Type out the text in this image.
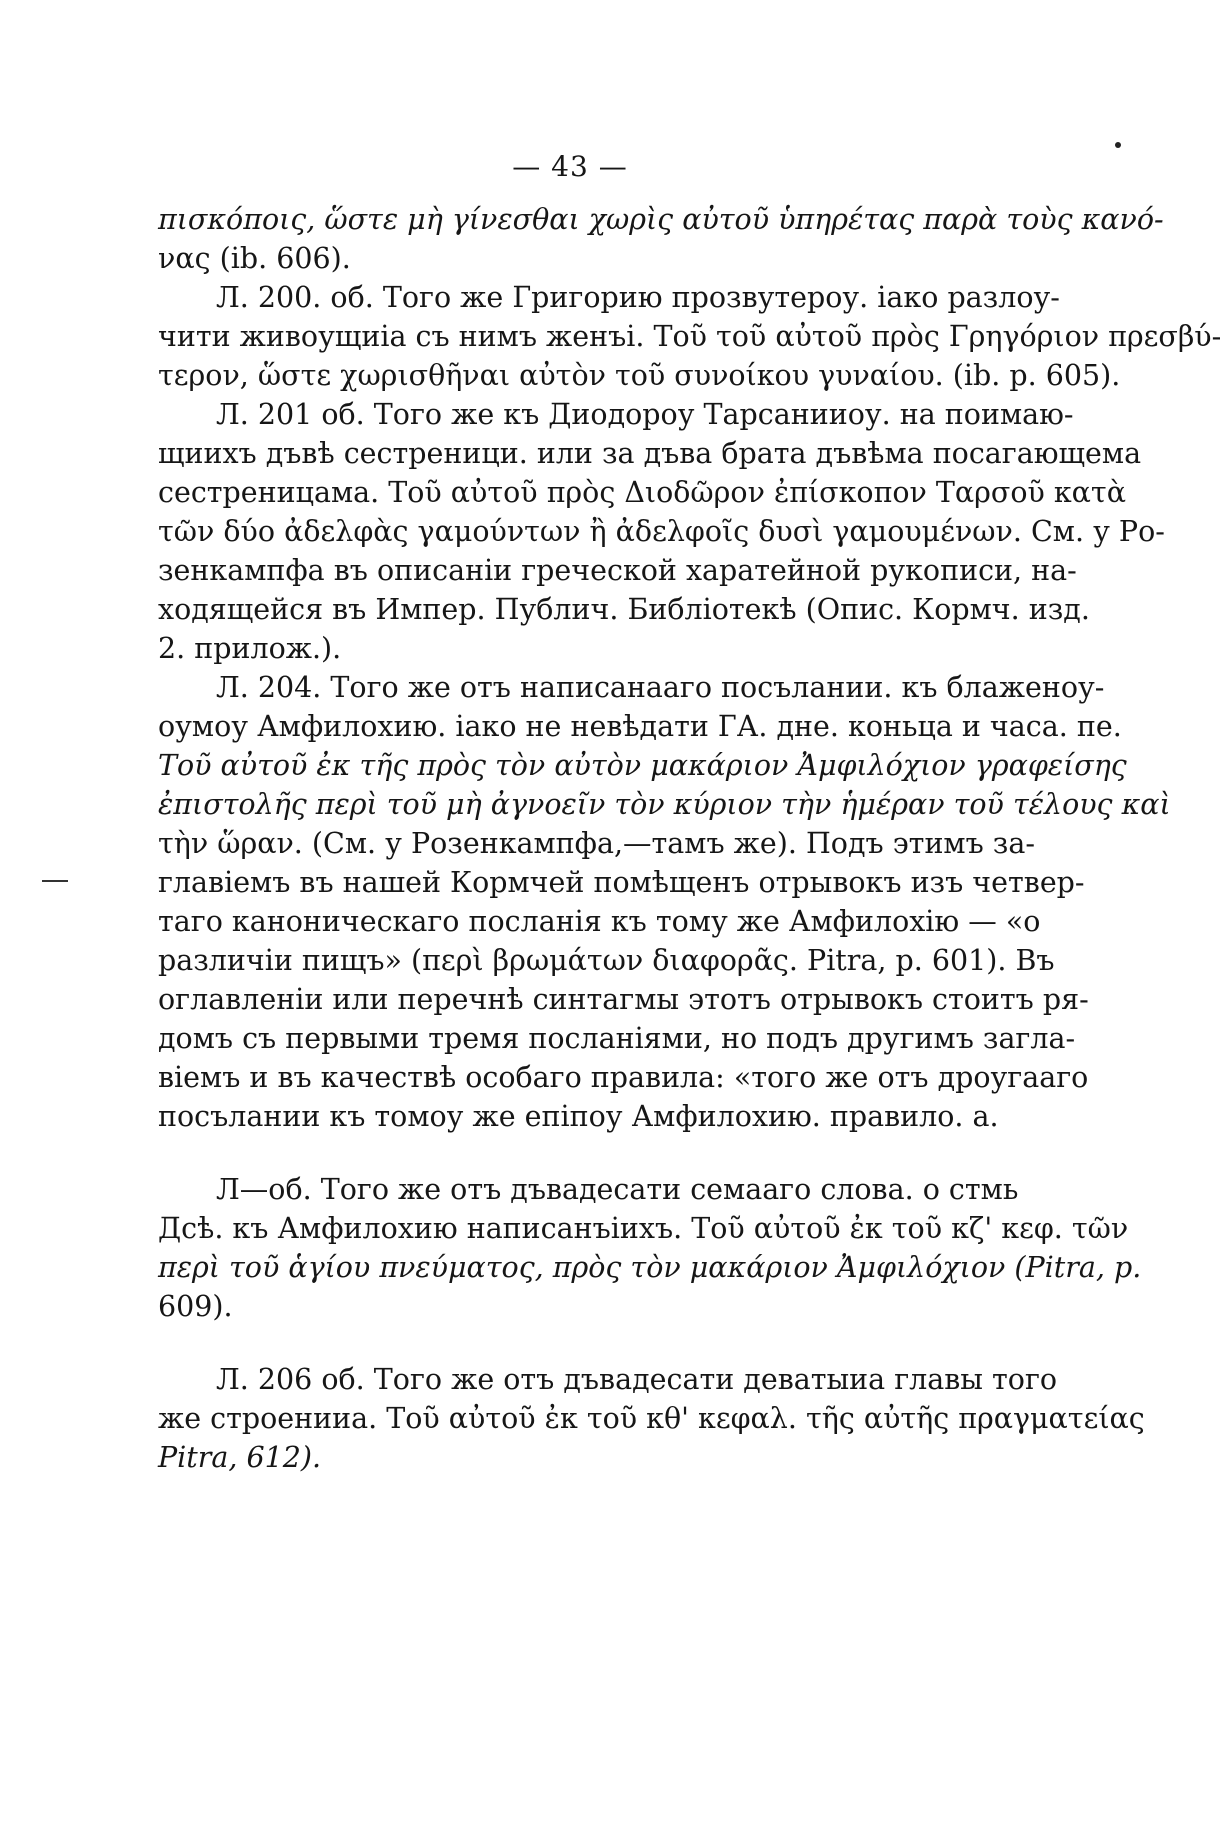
— 43 —
πισκόποις, ὥστε μὴ γίνεσθαι χωρὶς αὐτοῦ ὑπηρέτας παρὰ τοὺς κανό-
νας (ib. 606).
Л. 200. об. Того же Григорию прозвутероу. іако разлоу-
чити живоущиіа съ нимъ женъі. Τοῦ τοῦ αὐτοῦ πρὸς Γρηγόριον πρεσβύ-
τερον, ὥστε χωρισθῆναι αὐτὸν τοῦ συνοίκου γυναίου. (ib. p. 605).
Л. 201 об. Того же къ Диодороу Тарсанииоу. на поимаю-
щиихъ дъвѣ сестреници. или за дъва брата дъвѣма посагающема
сестреницама. Τοῦ αὐτοῦ πρὸς Διοδῶρον ἐπίσκοπον Ταρσοῦ κατὰ
τῶν δύο ἀδελφὰς γαμούντων ἢ ἀδελφοῖς δυσὶ γαμουμένων. См. у Ро-
зенкампфа въ описаніи греческой харатейной рукописи, на-
ходящейся въ Импер. Публич. Библіотекѣ (Опис. Кормч. изд.
2. прилож.).
Л. 204. Того же отъ написанааго посълании. къ блаженоу-
оумоу Амфилохию. іако не невѣдати ГА. дне. коньца и часа. пе.
Τοῦ αὐτοῦ ἐκ τῆς πρὸς τὸν αὐτὸν μακάριον Ἀμφιλόχιον γραφείσης
ἐπιστολῆς περὶ τοῦ μὴ ἀγνοεῖν τὸν κύριον τὴν ἡμέραν τοῦ τέλους καὶ
τὴν ὥραν. (См. у Розенкампфа,—тамъ же). Подъ этимъ за-
главіемъ въ нашей Кормчей помѣщенъ отрывокъ изъ четвер-
таго каноническаго посланія къ тому же Амфилохію — «о
различіи пищъ» (περὶ βρωμάτων διαφορᾶς. Pitra, p. 601). Въ
оглавленіи или перечнѣ синтагмы этотъ отрывокъ стоитъ ря-
домъ съ первыми тремя посланіями, но подъ другимъ загла-
віемъ и въ качествѣ особаго правила: «того же отъ дроугааго
посълании къ томоу же епіпоу Амфилохию. правило. а.
Л—об. Того же отъ дъвадесати семааго слова. о стмь
Дсѣ. къ Амфилохию написанъіихъ. Τοῦ αὐτοῦ ἐκ τοῦ κζ' κεφ. τῶν
περὶ τοῦ ἁγίου πνεύματος, πρὸς τὸν μακάριον Ἀμφιλόχιον (Pitra, p.
609).
Л. 206 об. Того же отъ дъвадесати деватыиа главы того
же строенииа. Τοῦ αὐτοῦ ἐκ τοῦ κθ' κεφαλ. τῆς αὐτῆς πραγματείας
Pitra, 612).
